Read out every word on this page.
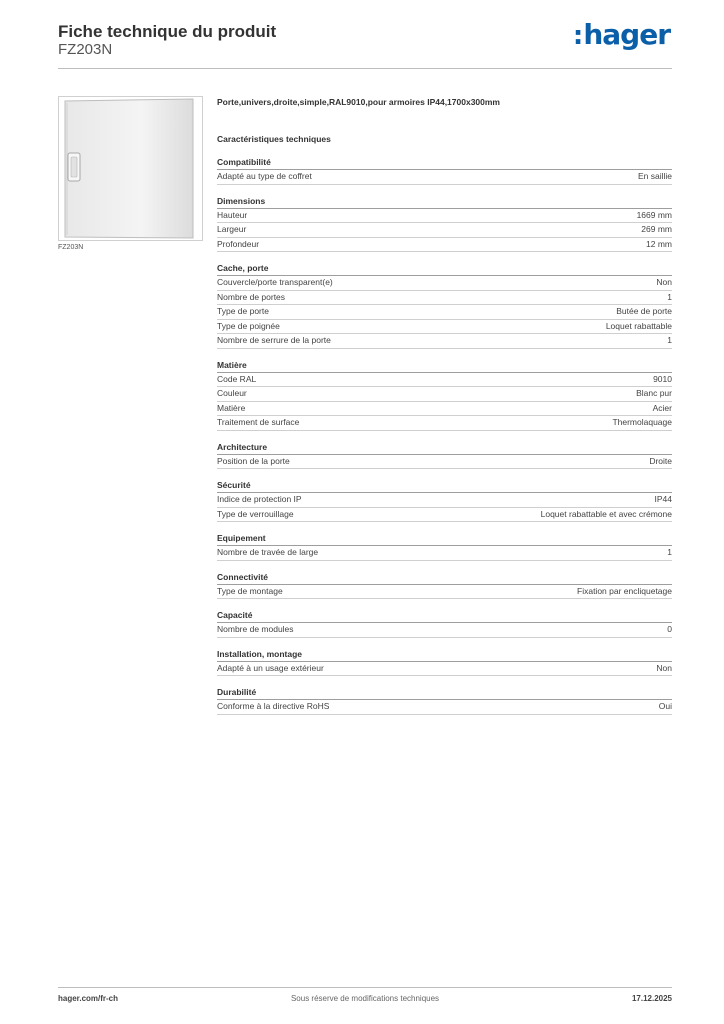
Fiche technique du produit
FZ203N	:hager
FZ203N
Porte,univers,droite,simple,RAL9010,pour armoires IP44,1700x300mm
Caractéristiques techniques
Compatibilité
Adapté au type de coffret	En saillie
Dimensions
Hauteur	1669 mm
Largeur	269 mm
Profondeur	12 mm
Cache, porte
Couvercle/porte transparent(e)	Non
Nombre de portes	1
Type de porte	Butée de porte
Type de poignée	Loquet rabattable
Nombre de serrure de la porte	1
Matière
Code RAL	9010
Couleur	Blanc pur
Matière	Acier
Traitement de surface	Thermolaquage
Architecture
Position de la porte	Droite
Sécurité
Indice de protection IP	IP44
Type de verrouillage	Loquet rabattable et avec crémone
Equipement
Nombre de travée de large	1
Connectivité
Type de montage	Fixation par encliquetage
Capacité
Nombre de modules	0
Installation, montage
Adapté à un usage extérieur	Non
Durabilité
Conforme à la directive RoHS	Oui
hager.com/fr-ch	Sous réserve de modifications techniques	17.12.2025
